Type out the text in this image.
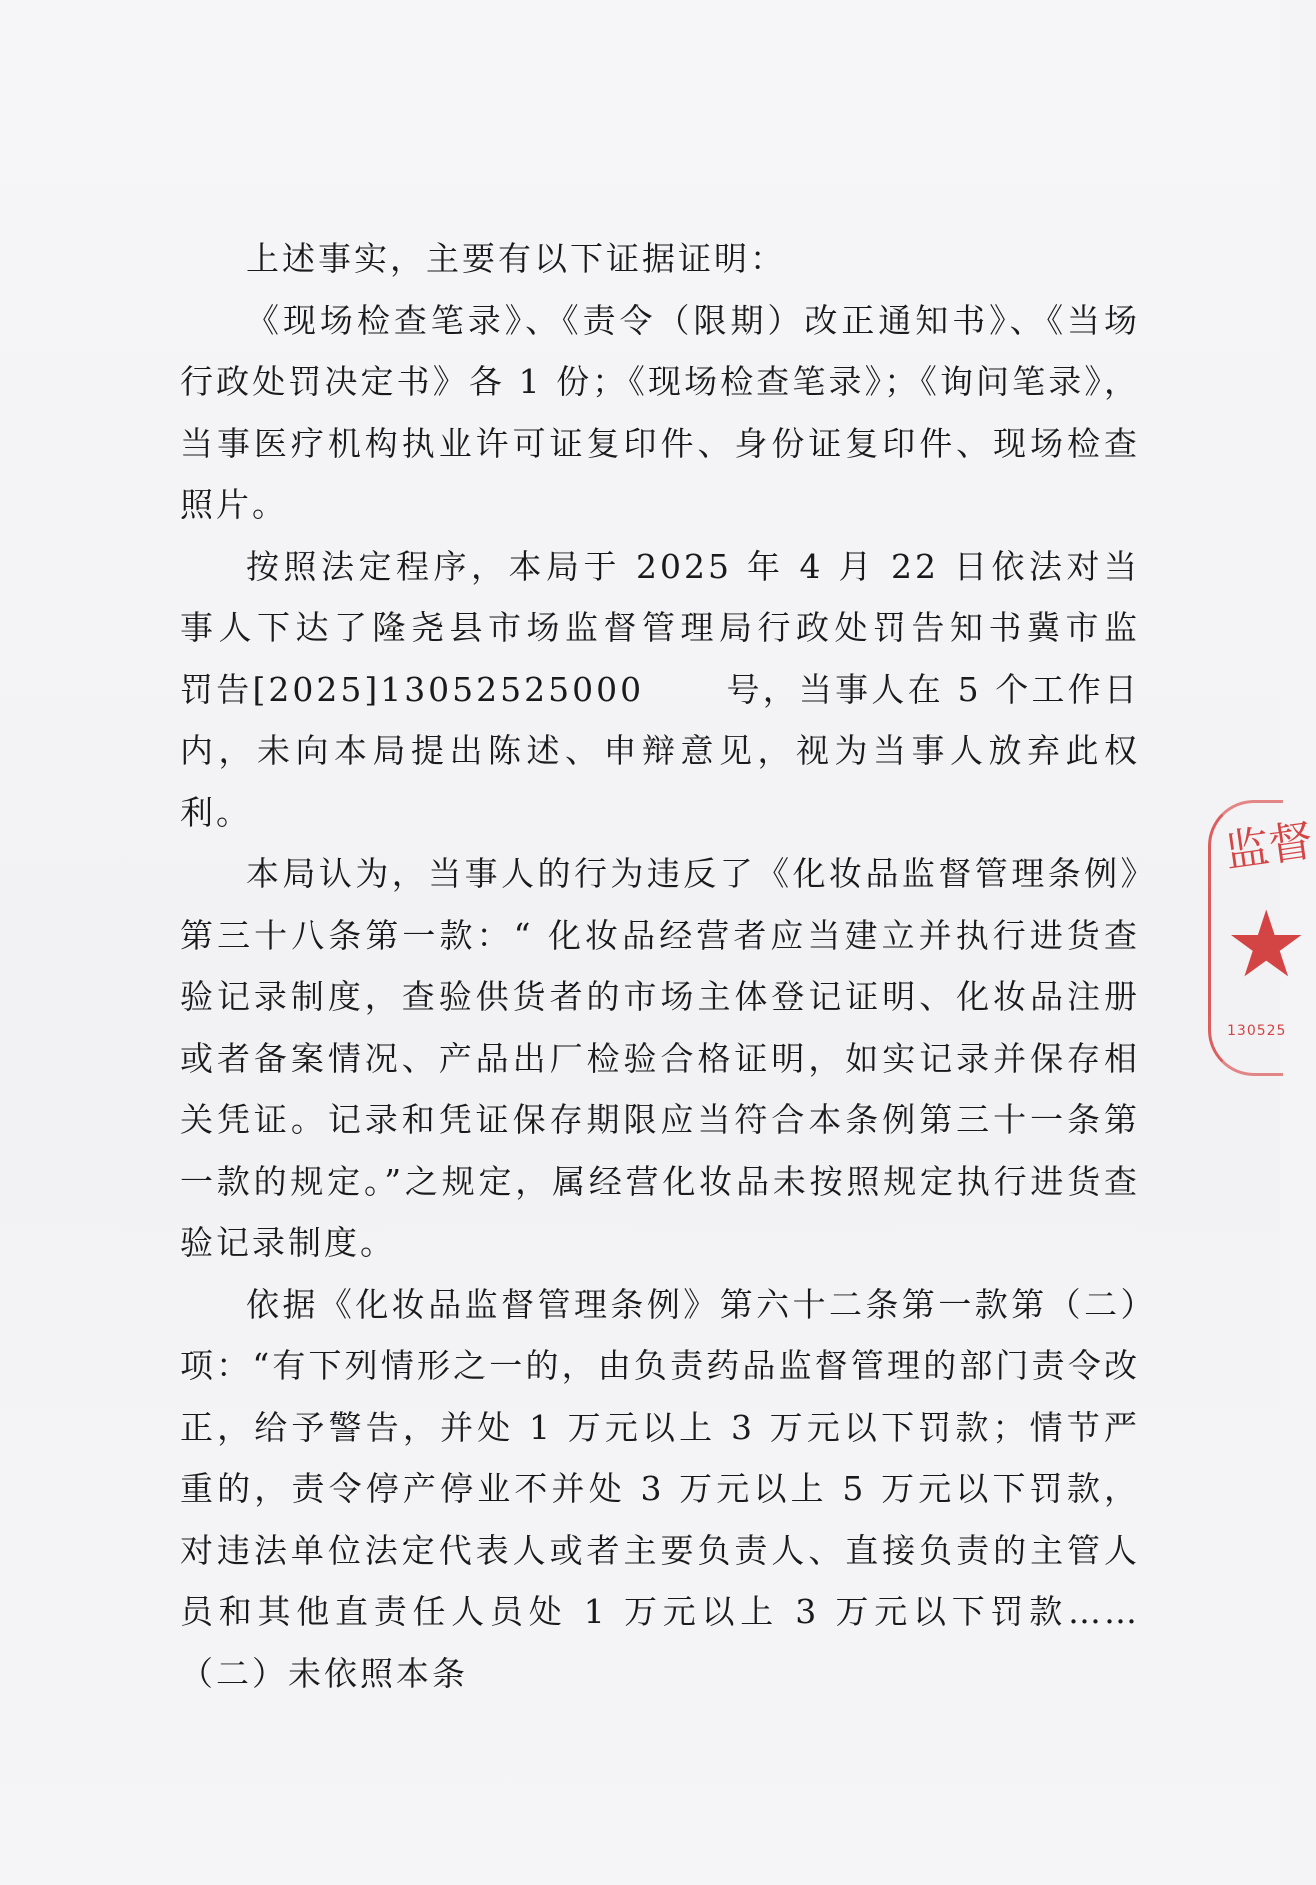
上述事实，主要有以下证据证明：

《现场检查笔录》、《责令（限期）改正通知书》、《当场行政处罚决定书》各 1 份；《现场检查笔录》；《询问笔录》，当事医疗机构执业许可证复印件、身份证复印件、现场检查照片。

按照法定程序，本局于 2025 年 4 月 22 日依法对当事人下达了隆尧县市场监督管理局行政处罚告知书冀市监   罚告[2025]13052525000      号，当事人在 5 个工作日内，未向本局提出陈述、申辩意见，视为当事人放弃此权利。

本局认为，当事人的行为违反了《化妆品监督管理条例》第三十八条第一款：“ 化妆品经营者应当建立并执行进货查验记录制度，查验供货者的市场主体登记证明、化妆品注册或者备案情况、产品出厂检验合格证明，如实记录并保存相关凭证。记录和凭证保存期限应当符合本条例第三十一条第一款的规定。”之规定，属经营化妆品未按照规定执行进货查验记录制度。

依据《化妆品监督管理条例》第六十二条第一款第（二）项：“有下列情形之一的，由负责药品监督管理的部门责令改正，给予警告，并处 1 万元以上 3 万元以下罚款；情节严重的，责令停产停业不并处 3 万元以上 5 万元以下罚款，对违法单位法定代表人或者主要负责人、直接负责的主管人员和其他直责任人员处 1 万元以上 3 万元以下罚款……（二）未依照本条

监督
★
130525
